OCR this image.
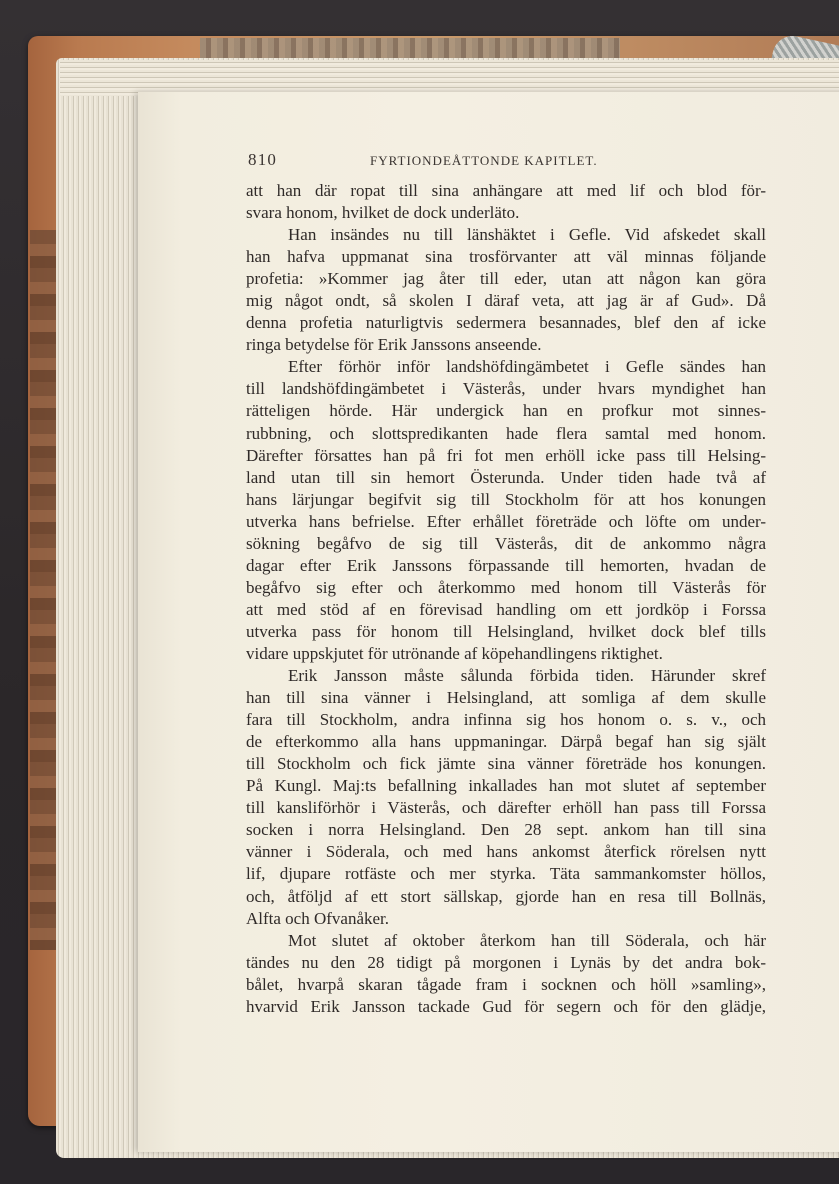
810	FYRTIONDEÅTTONDE KAPITLET.
att han där ropat till sina anhängare att med lif och blod för-
svara honom, hvilket de dock underläto.
Han insändes nu till länshäktet i Gefle. Vid afskedet skall
han hafva uppmanat sina trosförvanter att väl minnas följande
profetia: »Kommer jag åter till eder, utan att någon kan göra
mig något ondt, så skolen I däraf veta, att jag är af Gud». Då
denna profetia naturligtvis sedermera besannades, blef den af icke
ringa betydelse för Erik Janssons anseende.
Efter förhör inför landshöfdingämbetet i Gefle sändes han
till landshöfdingämbetet i Västerås, under hvars myndighet han
rätteligen hörde. Här undergick han en profkur mot sinnes-
rubbning, och slottspredikanten hade flera samtal med honom.
Därefter försattes han på fri fot men erhöll icke pass till Helsing-
land utan till sin hemort Österunda. Under tiden hade två af
hans lärjungar begifvit sig till Stockholm för att hos konungen
utverka hans befrielse. Efter erhållet företräde och löfte om under-
sökning begåfvo de sig till Västerås, dit de ankommo några
dagar efter Erik Janssons förpassande till hemorten, hvadan de
begåfvo sig efter och återkommo med honom till Västerås för
att med stöd af en förevisad handling om ett jordköp i Forssa
utverka pass för honom till Helsingland, hvilket dock blef tills
vidare uppskjutet för utrönande af köpehandlingens riktighet.
Erik Jansson måste sålunda förbida tiden. Härunder skref
han till sina vänner i Helsingland, att somliga af dem skulle
fara till Stockholm, andra infinna sig hos honom o. s. v., och
de efterkommo alla hans uppmaningar. Därpå begaf han sig själt
till Stockholm och fick jämte sina vänner företräde hos konungen.
På Kungl. Maj:ts befallning inkallades han mot slutet af september
till kansliförhör i Västerås, och därefter erhöll han pass till Forssa
socken i norra Helsingland. Den 28 sept. ankom han till sina
vänner i Söderala, och med hans ankomst återfick rörelsen nytt
lif, djupare rotfäste och mer styrka. Täta sammankomster höllos,
och, åtföljd af ett stort sällskap, gjorde han en resa till Bollnäs,
Alfta och Ofvanåker.
Mot slutet af oktober återkom han till Söderala, och här
tändes nu den 28 tidigt på morgonen i Lynäs by det andra bok-
bålet, hvarpå skaran tågade fram i socknen och höll »samling»,
hvarvid Erik Jansson tackade Gud för segern och för den glädje,
